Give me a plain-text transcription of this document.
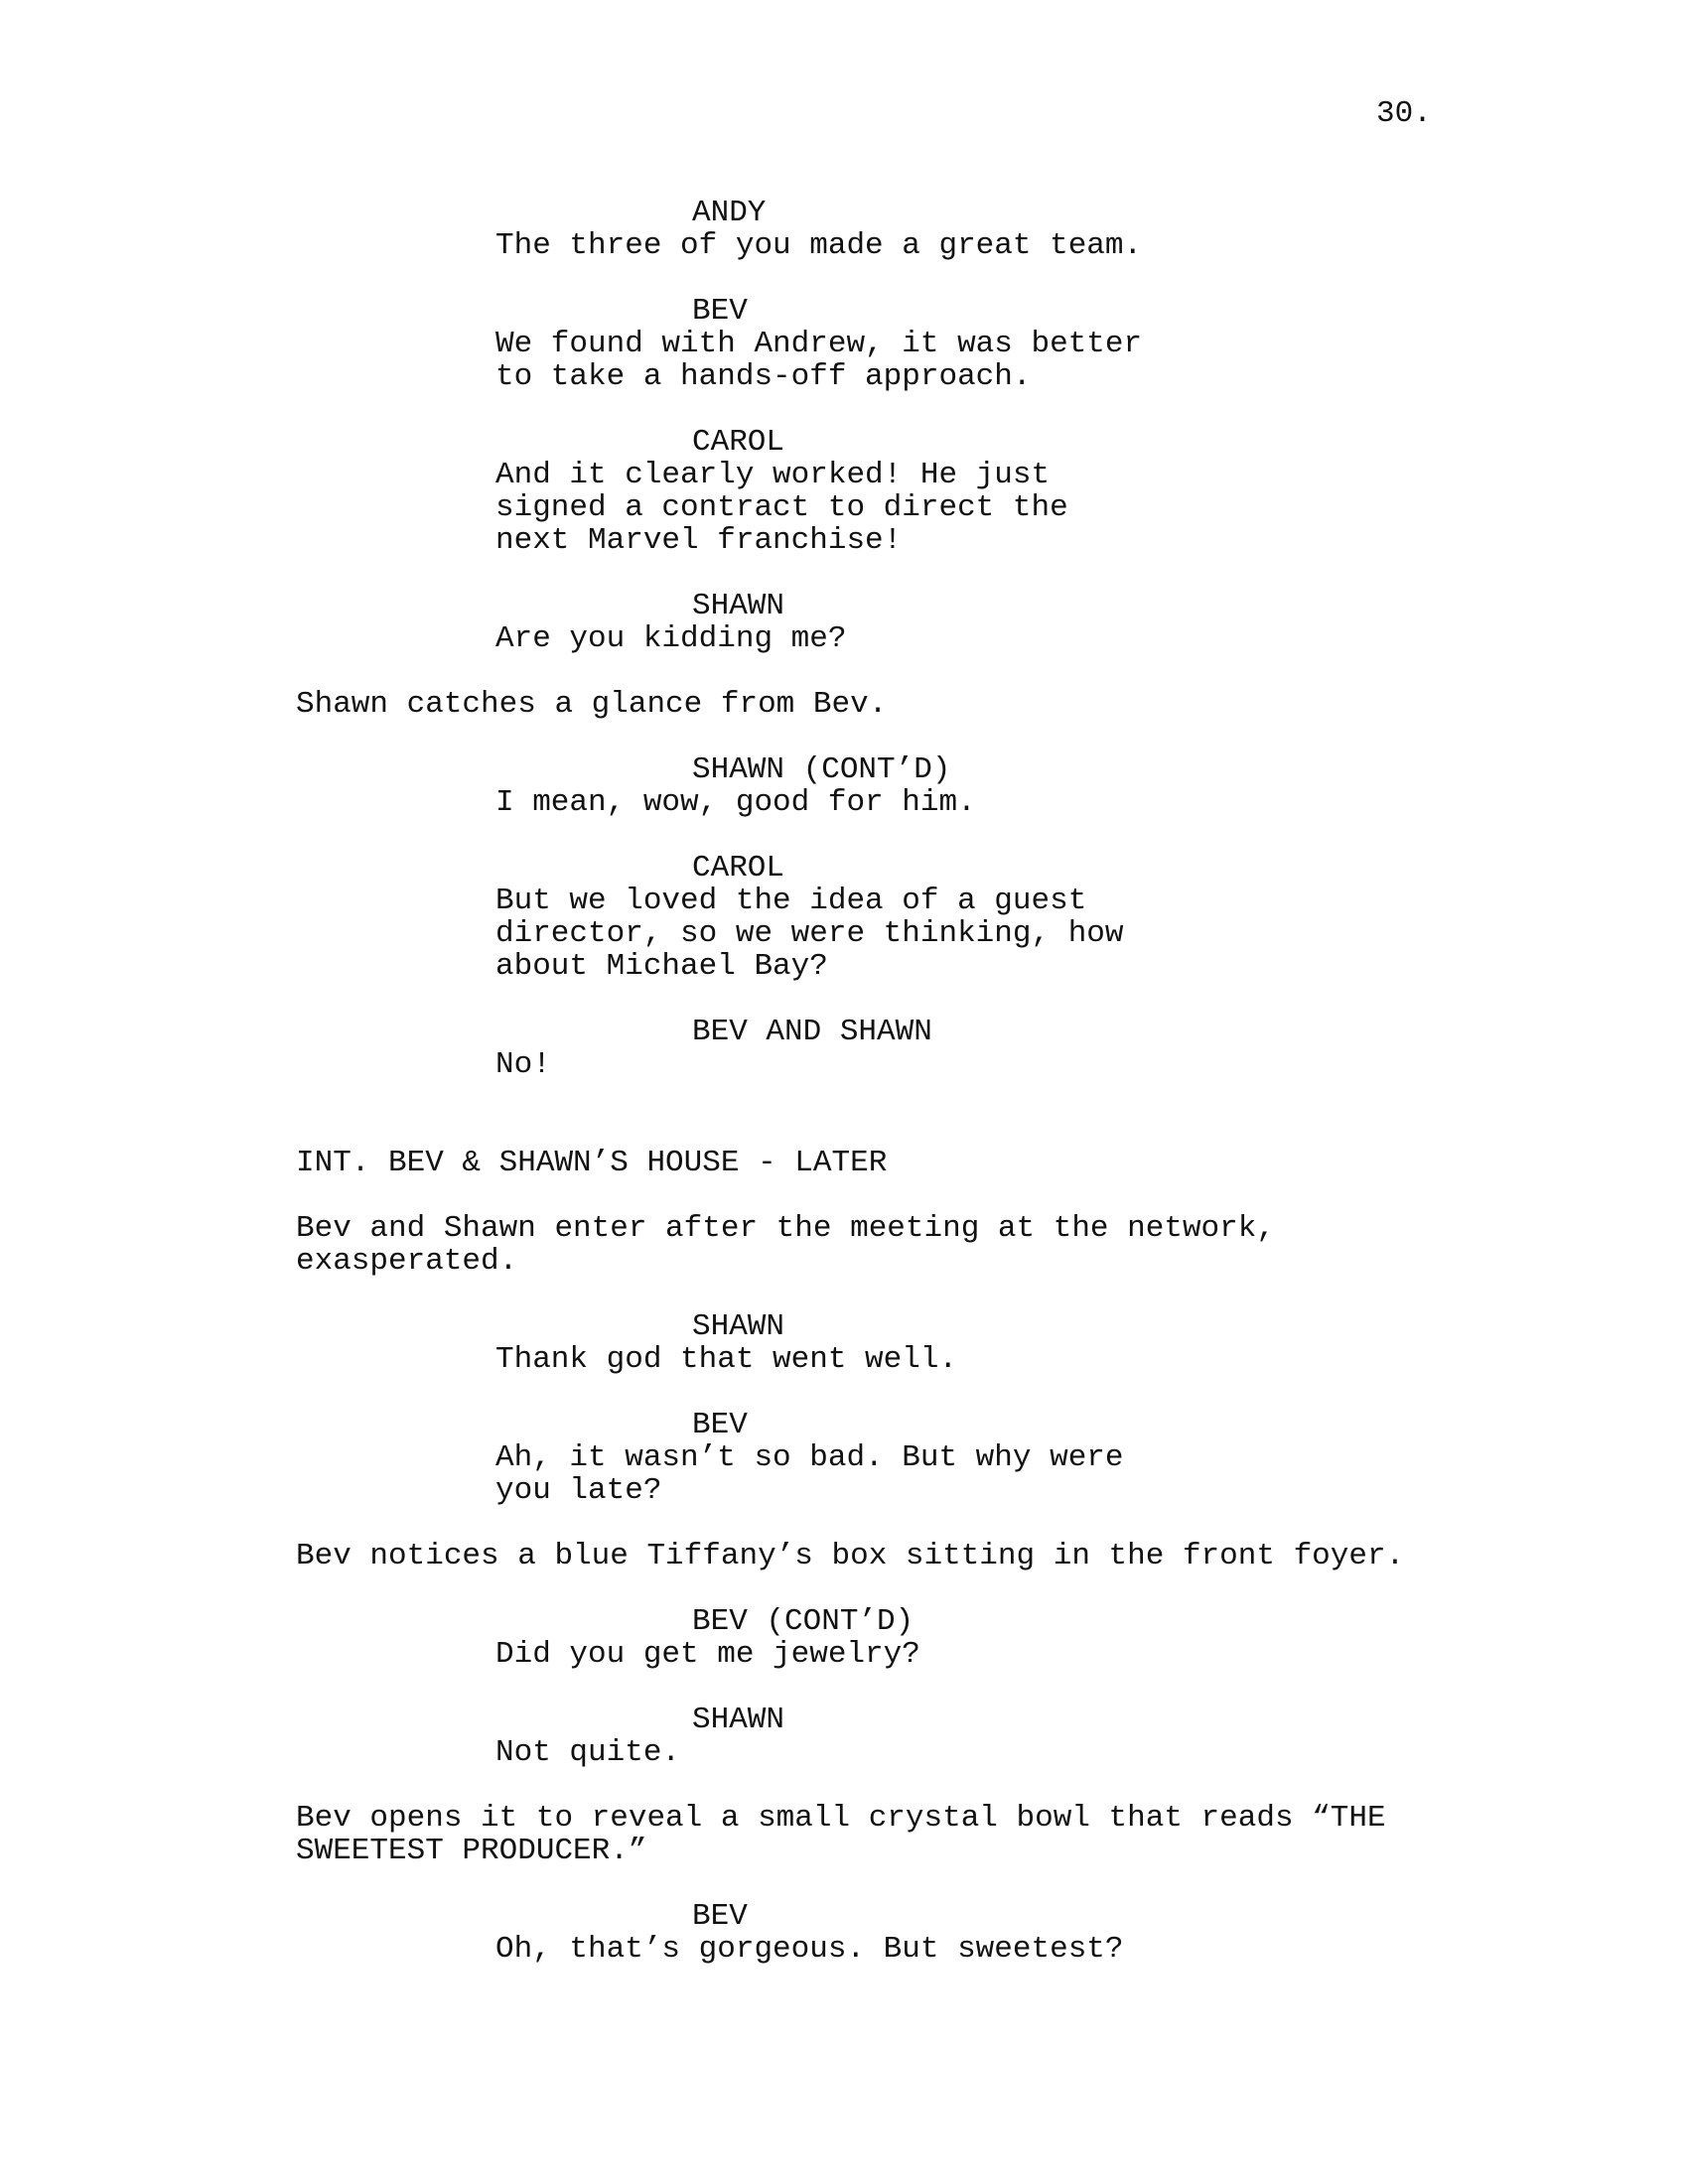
30.
ANDY
The three of you made a great team.
BEV
We found with Andrew, it was better
to take a hands-off approach.
CAROL
And it clearly worked! He just
signed a contract to direct the
next Marvel franchise!
SHAWN
Are you kidding me?
Shawn catches a glance from Bev.
SHAWN (CONT’D)
I mean, wow, good for him.
CAROL
But we loved the idea of a guest
director, so we were thinking, how
about Michael Bay?
BEV AND SHAWN
No!
INT. BEV & SHAWN’S HOUSE - LATER
Bev and Shawn enter after the meeting at the network,
exasperated.
SHAWN
Thank god that went well.
BEV
Ah, it wasn’t so bad. But why were
you late?
Bev notices a blue Tiffany’s box sitting in the front foyer.
BEV (CONT’D)
Did you get me jewelry?
SHAWN
Not quite.
Bev opens it to reveal a small crystal bowl that reads “THE
SWEETEST PRODUCER.”
BEV
Oh, that’s gorgeous. But sweetest?
